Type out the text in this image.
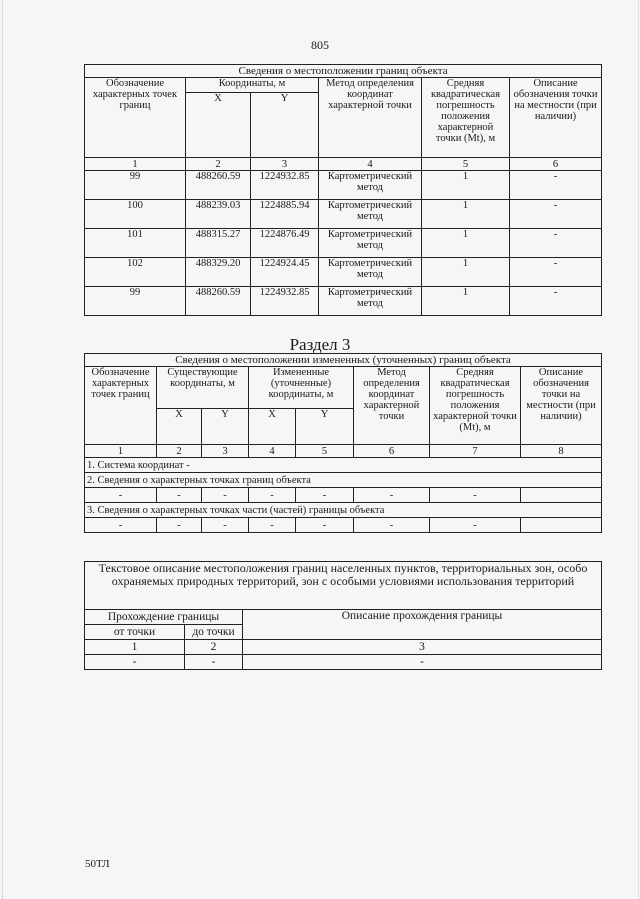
805
Сведения о местоположении границ объекта					
Обозначение характерных точек границ	Координаты, м		Метод определения координат характерной точки	Средняя квадратическая погрешность положения характерной точки (Mt), м	Описание обозначения точки на местности (при наличии)
	X	Y			
1	2	3	4	5	6
99	488260.59	1224932.85	Картометрический метод	1	-
100	488239.03	1224885.94	Картометрический метод	1	-
101	488315.27	1224876.49	Картометрический метод	1	-
102	488329.20	1224924.45	Картометрический метод	1	-
99	488260.59	1224932.85	Картометрический метод	1	-
Раздел 3
Сведения о местоположении измененных (уточненных) границ объекта							
Обозначение характерных точек границ	Существующие координаты, м		Измененные (уточненные) координаты, м		Метод определения координат характерной точки	Средняя квадратическая погрешность положения характерной точки (Mt), м	Описание обозначения точки на местности (при наличии)
	X	Y	X	Y			
1	2	3	4	5	6	7	8
1. Система координат -							
2. Сведения о характерных точках границ объекта							
-	-	-	-	-	-	-	
3. Сведения о характерных точках части (частей) границы объекта							
-	-	-	-	-	-	-	
Текстовое описание местоположения границ населенных пунктов, территориальных зон, особо охраняемых природных территорий, зон с особыми условиями использования территорий		
Прохождение границы		Описание прохождения границы
от точки	до точки	
1	2	3
-	-	-
50ТЛ
